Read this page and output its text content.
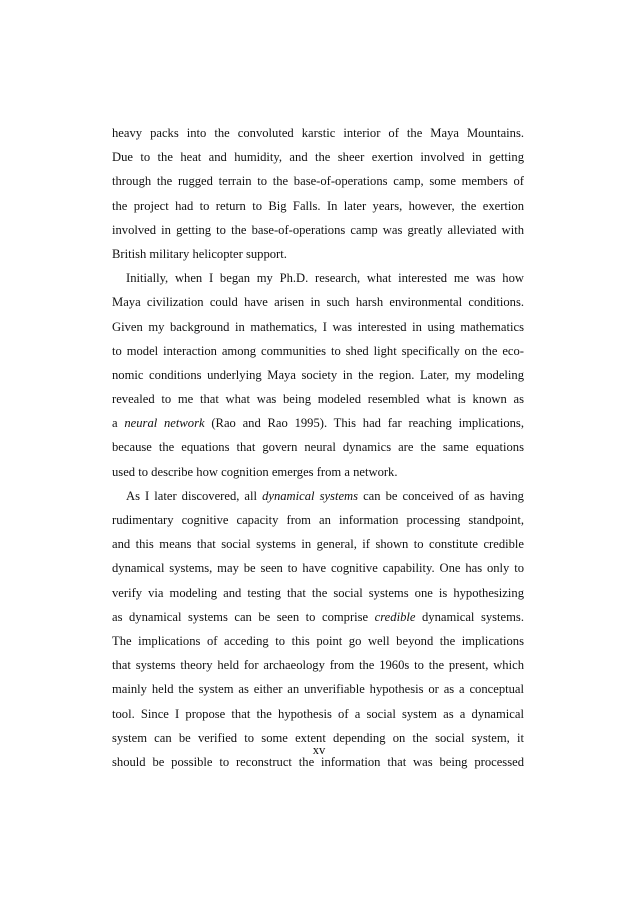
heavy packs into the convoluted karstic interior of the Maya Mountains.
Due to the heat and humidity, and the sheer exertion involved in getting
through the rugged terrain to the base-of-operations camp, some members of
the project had to return to Big Falls. In later years, however, the exertion
involved in getting to the base-of-operations camp was greatly alleviated with
British military helicopter support.
Initially, when I began my Ph.D. research, what interested me was how
Maya civilization could have arisen in such harsh environmental conditions.
Given my background in mathematics, I was interested in using mathematics
to model interaction among communities to shed light specifically on the eco-
nomic conditions underlying Maya society in the region. Later, my modeling
revealed to me that what was being modeled resembled what is known as
a neural network (Rao and Rao 1995). This had far reaching implications,
because the equations that govern neural dynamics are the same equations
used to describe how cognition emerges from a network.
As I later discovered, all dynamical systems can be conceived of as having
rudimentary cognitive capacity from an information processing standpoint,
and this means that social systems in general, if shown to constitute credible
dynamical systems, may be seen to have cognitive capability. One has only to
verify via modeling and testing that the social systems one is hypothesizing
as dynamical systems can be seen to comprise credible dynamical systems.
The implications of acceding to this point go well beyond the implications
that systems theory held for archaeology from the 1960s to the present, which
mainly held the system as either an unverifiable hypothesis or as a conceptual
tool. Since I propose that the hypothesis of a social system as a dynamical
system can be verified to some extent depending on the social system, it
should be possible to reconstruct the information that was being processed
xv
